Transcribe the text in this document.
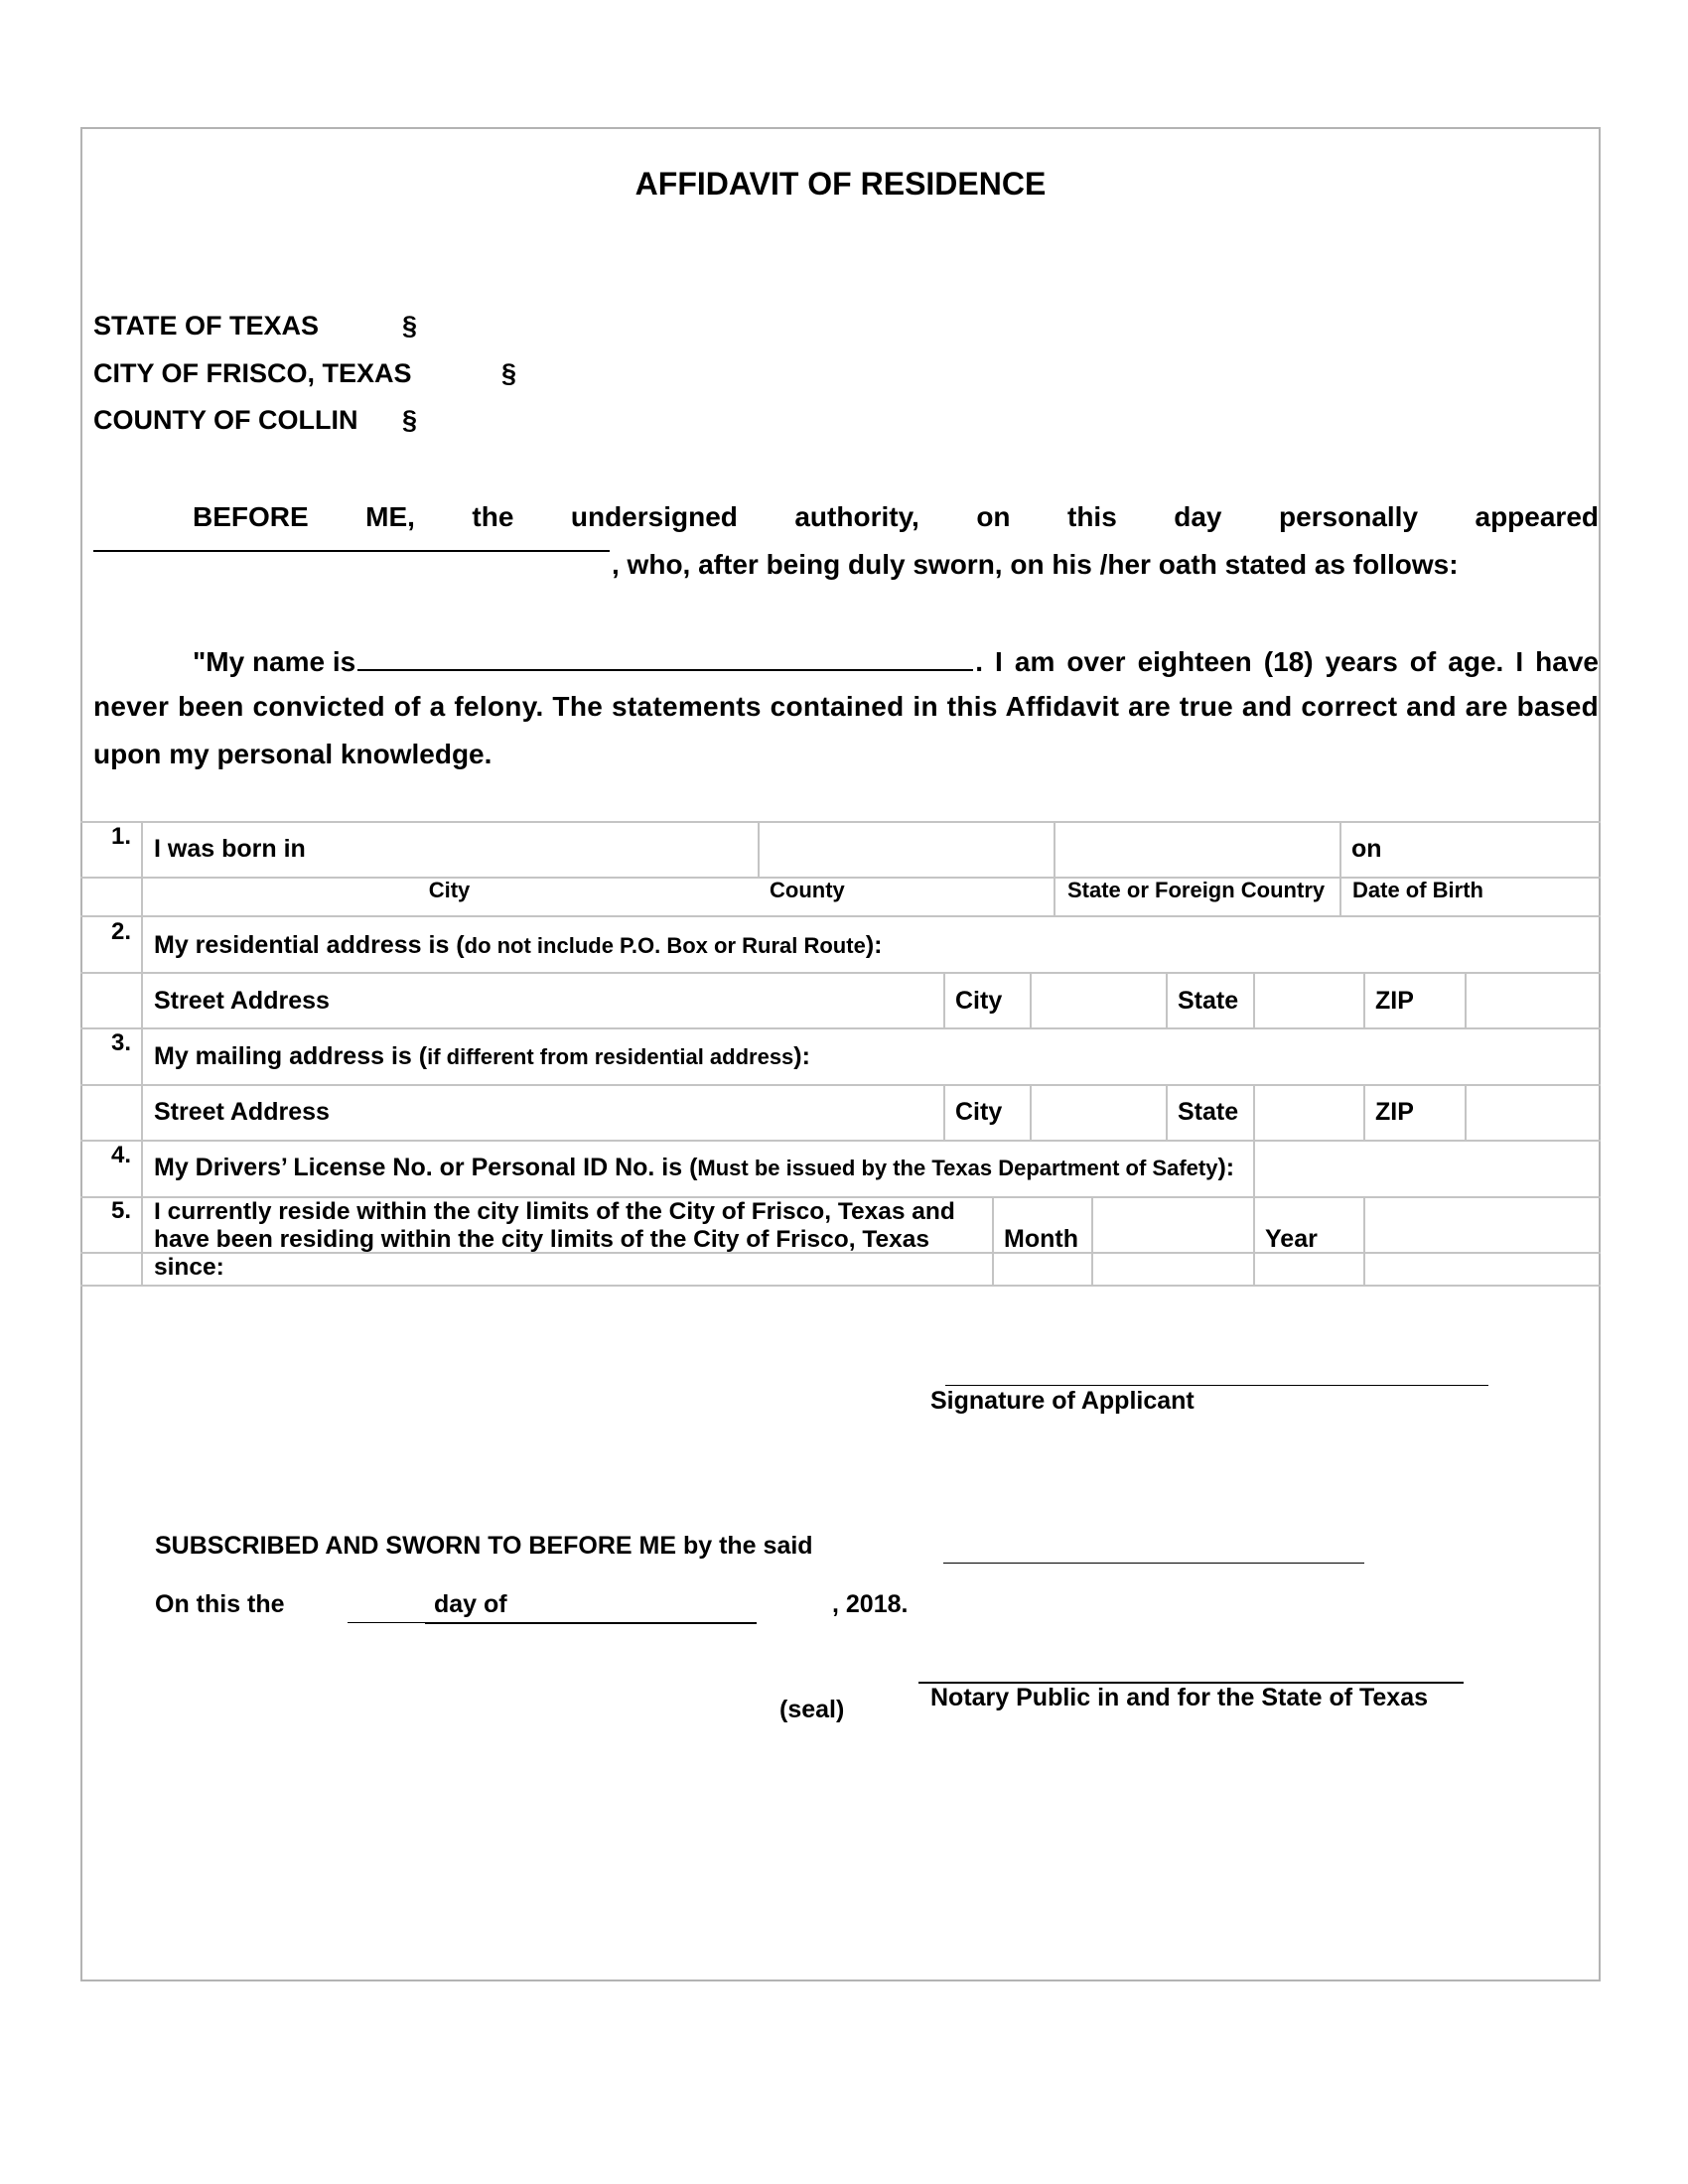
AFFIDAVIT OF RESIDENCE
STATE OF TEXAS	§
CITY OF FRISCO, TEXAS	§
COUNTY OF COLLIN §
BEFORE ME, the undersigned authority, on this day personally appeared
, who, after being duly sworn, on his /her oath stated as follows:
"My name is	. I am over eighteen (18) years of age. I have
never been convicted of a felony. The statements contained in this Affidavit are true and correct and are based
upon my personal knowledge.
1. I was born in	on
City	County	State or Foreign Country Date of Birth
2. My residential address is (do not include P.O. Box or Rural Route):
Street Address	City	State	ZIP
3. My mailing address is (if different from residential address):
Street Address	City	State	ZIP
4. My Drivers’ License No. or Personal ID No. is (Must be issued by the Texas Department of Safety):
5. I currently reside within the city limits of the City of Frisco, Texas and
have been residing within the city limits of the City of Frisco, Texas
since:
Month	Year
Signature of Applicant
SUBSCRIBED AND SWORN TO BEFORE ME by the said
On this the	day of	, 2018.
Notary Public in and for the State of Texas
(seal)
